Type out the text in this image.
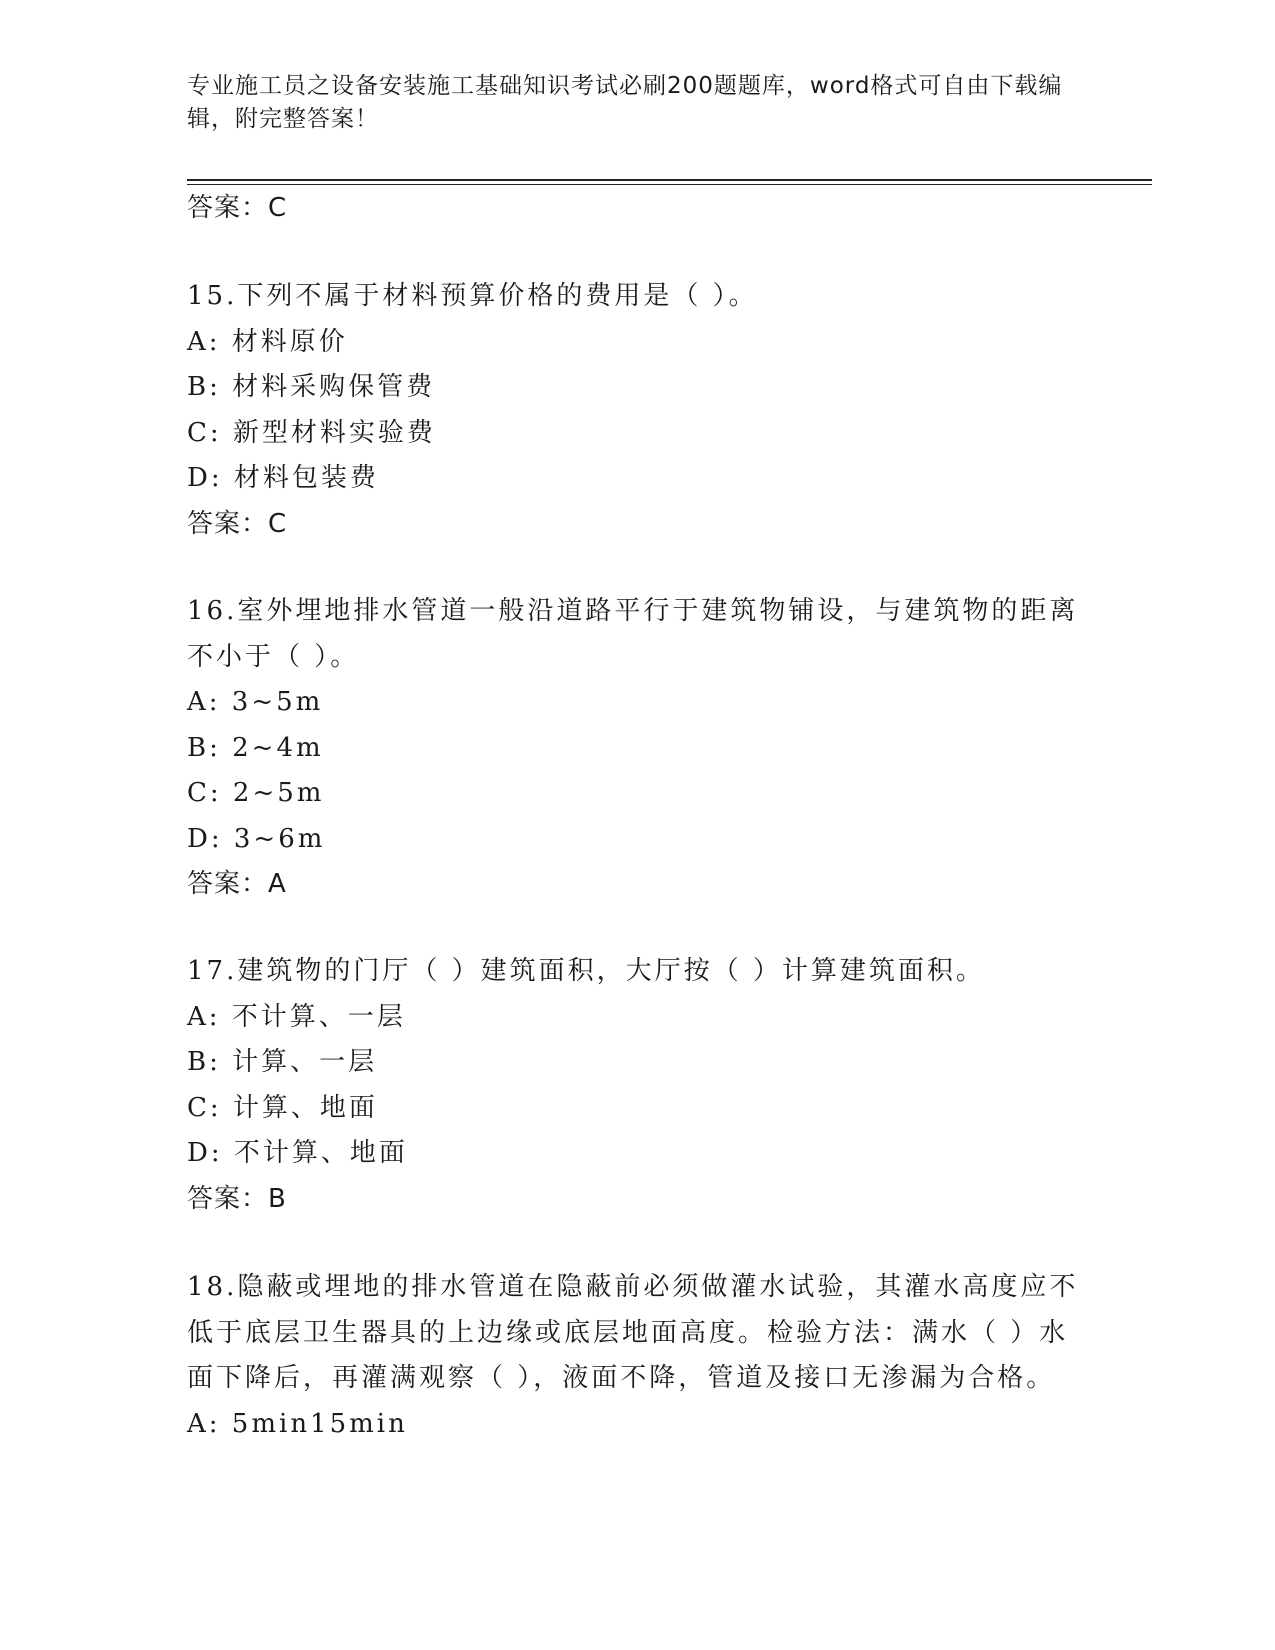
专业施工员之设备安装施工基础知识考试必刷200题题库，word格式可自由下载编辑，附完整答案！
答案：C
15.下列不属于材料预算价格的费用是（ ）。
A: 材料原价
B: 材料采购保管费
C: 新型材料实验费
D: 材料包装费
答案：C
16.室外埋地排水管道一般沿道路平行于建筑物铺设，与建筑物的距离不小于（ ）。
A: 3~5m
B: 2~4m
C: 2~5m
D: 3~6m
答案：A
17.建筑物的门厅（ ）建筑面积，大厅按（ ）计算建筑面积。
A: 不计算、一层
B: 计算、一层
C: 计算、地面
D: 不计算、地面
答案：B
18.隐蔽或埋地的排水管道在隐蔽前必须做灌水试验，其灌水高度应不低于底层卫生器具的上边缘或底层地面高度。检验方法：满水（ ）水面下降后，再灌满观察（ ），液面不降，管道及接口无渗漏为合格。
A: 5min15min
